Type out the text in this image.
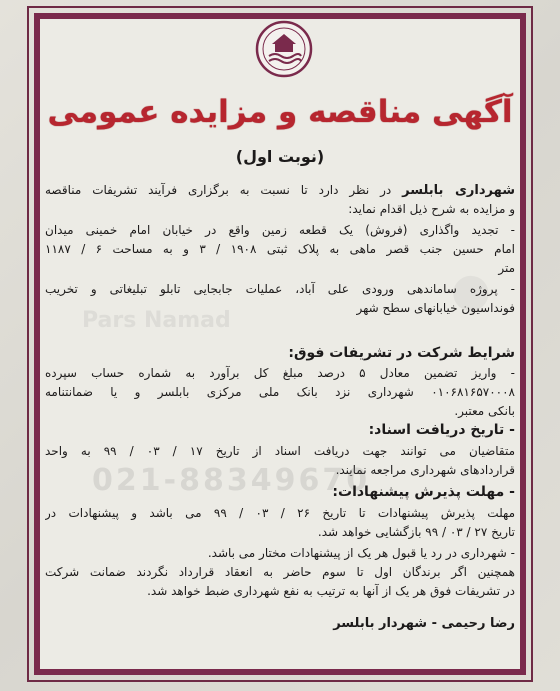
●
آگهی مناقصه و مزایده عمومی
(نوبت اول)
شهرداری بابلسر در نظر دارد تا نسبت به برگزاری فرآیند تشریفات مناقصه
و مزایده به شرح ذیل اقدام نماید:
- تجدید واگذاری (فروش) یک قطعه زمین واقع در خیابان امام خمینی میدان
امام حسین جنب قصر ماهی به پلاک ثبتی ۱۹۰۸ / ۳ و به مساحت ۶ / ۱۱۸۷
متر
- پروژه ساماندهی ورودی علی آباد، عملیات جابجایی تابلو تبلیغاتی و تخریب
فونداسیون خیابانهای سطح شهر
شرایط شرکت در تشریفات فوق:
- واریز تضمین معادل ۵ درصد مبلغ کل برآورد به شماره حساب سپرده
۰۱۰۶۸۱۶۵۷۰۰۰۸ شهرداری نزد بانک ملی مرکزی بابلسر و یا ضمانتنامه
بانکی معتبر.
- تاریخ دریافت اسناد:
متقاضیان می توانند جهت دریافت اسناد از تاریخ ۱۷ / ۰۳ / ۹۹ به واحد
قراردادهای شهرداری مراجعه نمایند.
021-88349670
- مهلت پذیرش پیشنهادات:
مهلت پذیرش پیشنهادات تا تاریخ ۲۶ / ۰۳ / ۹۹ می باشد و پیشنهادات در
تاریخ ۲۷ / ۰۳ / ۹۹ بازگشایی خواهد شد.
- شهرداری در رد یا قبول هر یک از پیشنهادات مختار می باشد.
همچنین اگر برندگان اول تا سوم حاضر به انعقاد قرارداد نگردند ضمانت شرکت
در تشریفات فوق هر یک از آنها به ترتیب به نفع شهرداری ضبط خواهد شد.
رضا رحیمی - شهردار بابلسر
Pars Namad
